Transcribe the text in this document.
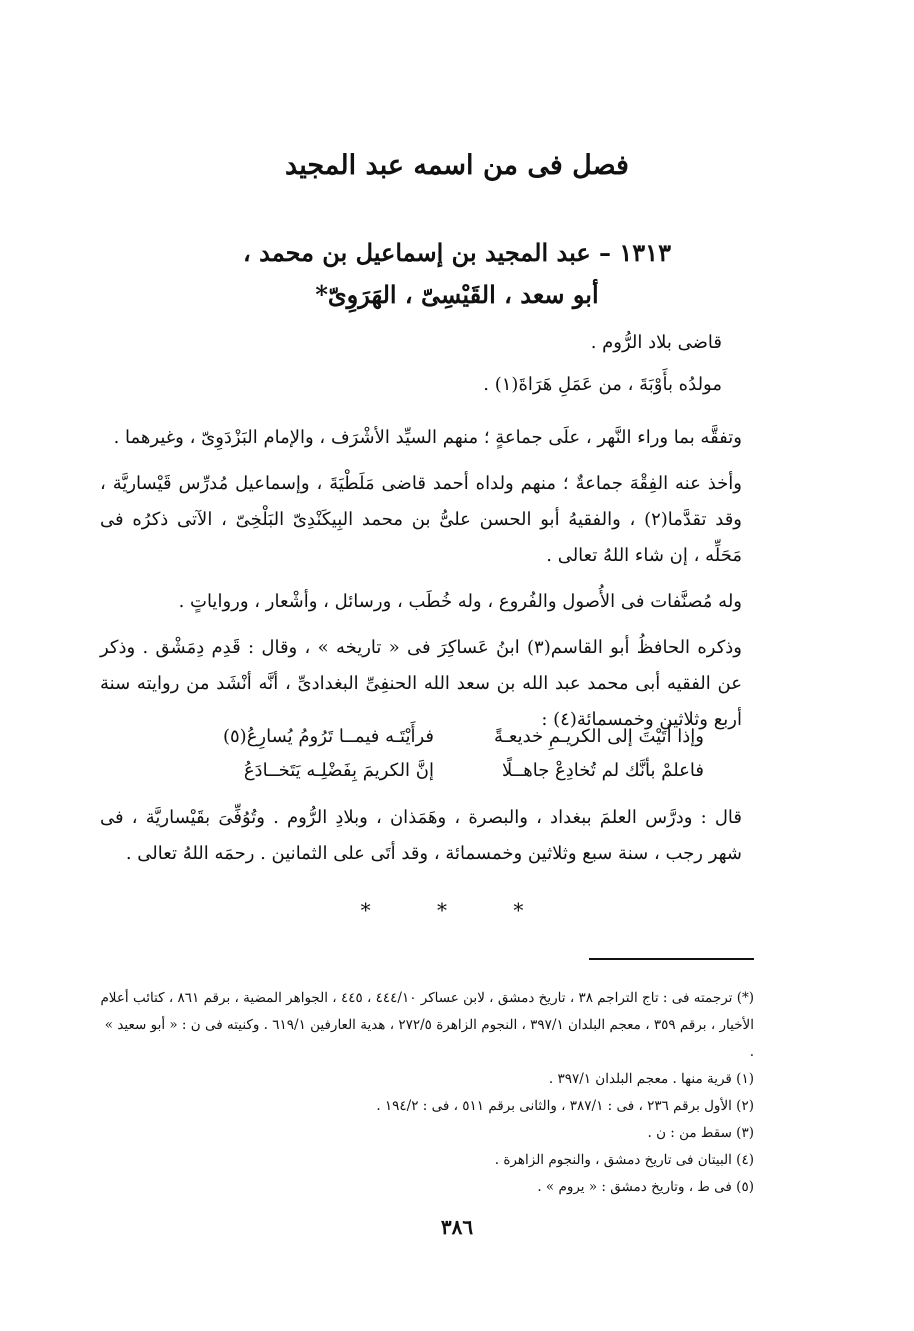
فصل فى من اسمه عبد المجيد
١٣١٣ – عبد المجيد بن إسماعيل بن محمد ،
أبو سعد ، القَيْسِىّ ، الهَرَوِىّ*

قاضى بلاد الرُّوم .

مولدُه بأَوْبَةَ ، من عَمَلِ هَرَاةَ(١) .

وتفقَّه بما وراء النَّهر ، علَى جماعةٍ ؛ منهم السيِّد الأشْرَف ، والإمام البَزْدَوِىّ ، وغيرهما .

وأخذ عنه الفِقْهَ جماعةٌ ؛ منهم ولداه أحمد قاضى مَلَطْيَةَ ، وإسماعيل مُدرِّس قَيْساريَّة ، وقد تقدَّما(٢) ، والفقيهُ أبو الحسن علىُّ بن محمد البِيكَنْدِىّ البَلْخِىّ ، الآتى ذكرُه فى مَحَلِّه ، إن شاء اللهُ تعالى .

وله مُصنَّفات فى الأُصول والفُروع ، وله خُطَب ، ورسائل ، وأشْعار ، ورواياتٍ .

وذكره الحافظُ أبو القاسم(٣) ابنُ عَساكِرَ فى « تاريخه » ، وقال : قَدِم دِمَشْق . وذكر عن الفقيه أبى محمد عبد الله بن سعد الله الحنفِىِّ البغدادىِّ ، أنَّه أنْشَد من روايته سنة أربع وثلاثين وخمسمائة(٤) :

وإذا أتَيْتَ إلى الكريـمِ خديعـةً
فرأَيْتَـه فيمــا تَرُومُ يُسارِعُ(٥)
فاعلمْ بأنَّك لم تُخادِعْ جاهــلًا
إنَّ الكريمَ بِفَضْلِـه يَتَخــادَعُ

قال : ودرَّس العلمَ ببغداد ، والبصرة ، وهَمَذان ، وبلادِ الرُّوم . وتُوُفِّىَ بقَيْساريَّة ، فى شهر رجب ، سنة سبع وثلاثين وخمسمائة ، وقد أتَى على الثمانين . رحمَه اللهُ تعالى .

* * *

(*) ترجمته فى : تاج التراجم ٣٨ ، تاريخ دمشق ، لابن عساكر ٤٤٤/١٠ ، ٤٤٥ ، الجواهر المضية ، برقم ٨٦١ ، كتائب أعلام الأخيار ، برقم ٣٥٩ ، معجم البلدان ٣٩٧/١ ، النجوم الزاهرة ٢٧٢/٥ ، هدية العارفين ٦١٩/١ . وكنيته فى ن : « أبو سعيد » .

(١) قرية منها . معجم البلدان ٣٩٧/١ .

(٢) الأول برقم ٢٣٦ ، فى : ٣٨٧/١ ، والثانى برقم ٥١١ ، فى : ١٩٤/٢ .

(٣) سقط من : ن .

(٤) البيتان فى تاريخ دمشق ، والنجوم الزاهرة .

(٥) فى ط ، وتاريخ دمشق : « يروم » .

٣٨٦
